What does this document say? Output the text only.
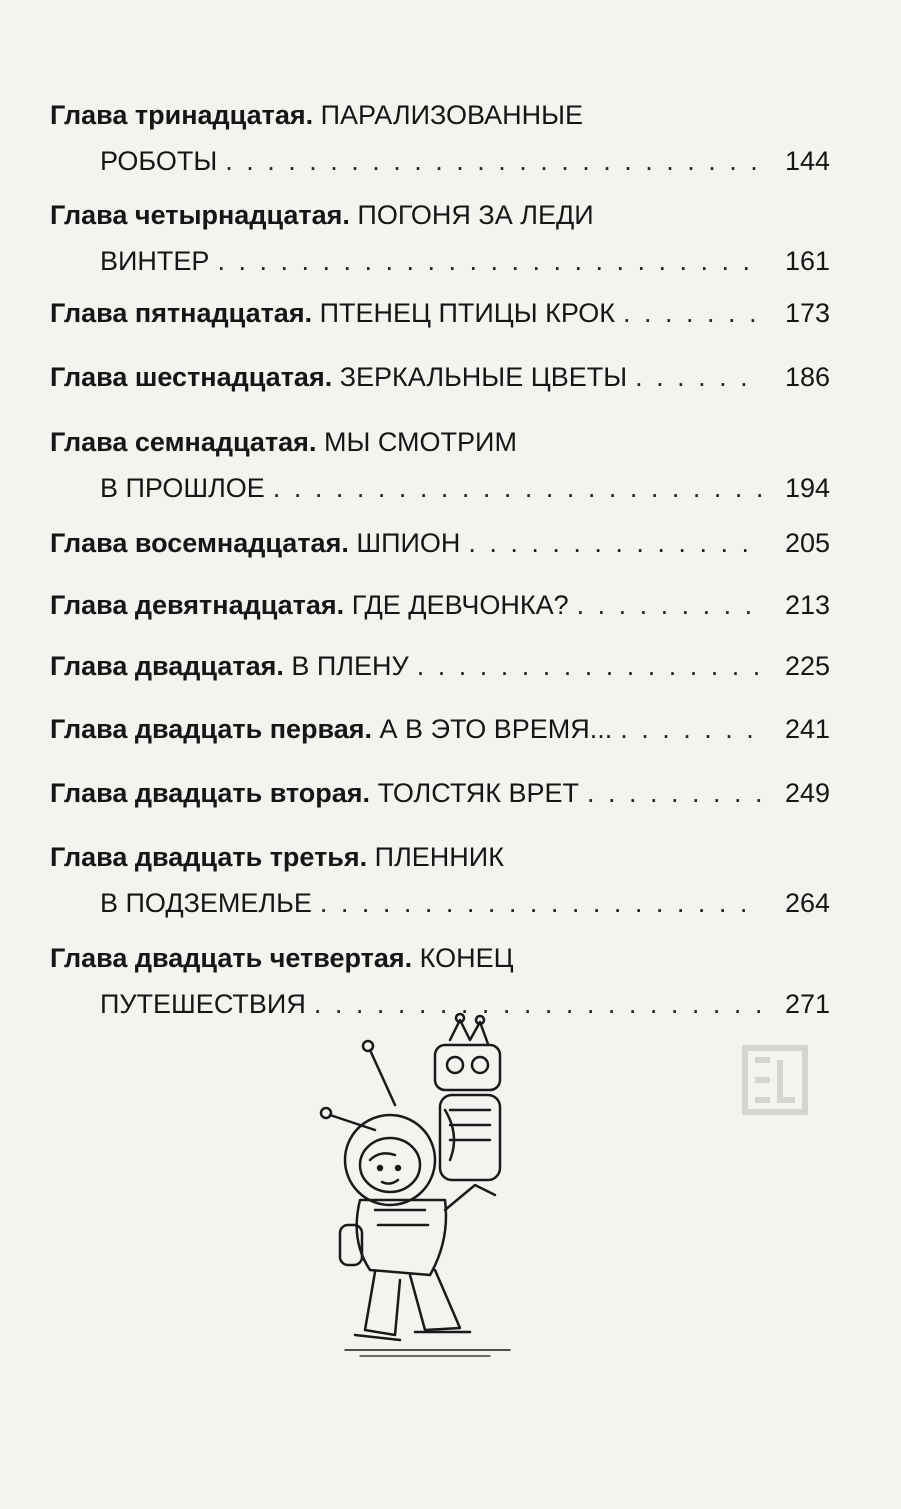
Глава тринадцатая.
ПАРАЛИЗОВАННЫЕ
РОБОТЫ . . .	144
Глава четырнадцатая.
ПОГОНЯ ЗА ЛЕДИ
ВИНТЕР . . .	161
Глава пятнадцатая.
ПТЕНЕЦ ПТИЦЫ КРОК . . .	173
Глава шестнадцатая.
ЗЕРКАЛЬНЫЕ ЦВЕТЫ . . .	186
Глава семнадцатая.
МЫ СМОТРИМ
В ПРОШЛОЕ . . .	194
Глава восемнадцатая.
ШПИОН . . .	205
Глава девятнадцатая.
ГДЕ ДЕВЧОНКА? . . .	213
Глава двадцатая.
В ПЛЕНУ . . .	225
Глава двадцать первая.
А В ЭТО ВРЕМЯ... . . .	241
Глава двадцать вторая.
ТОЛСТЯК ВРЕТ . . .	249
Глава двадцать третья.
ПЛЕННИК
В ПОДЗЕМЕЛЬЕ . . .	264
Глава двадцать четвертая.
КОНЕЦ
ПУТЕШЕСТВИЯ . . .	271
